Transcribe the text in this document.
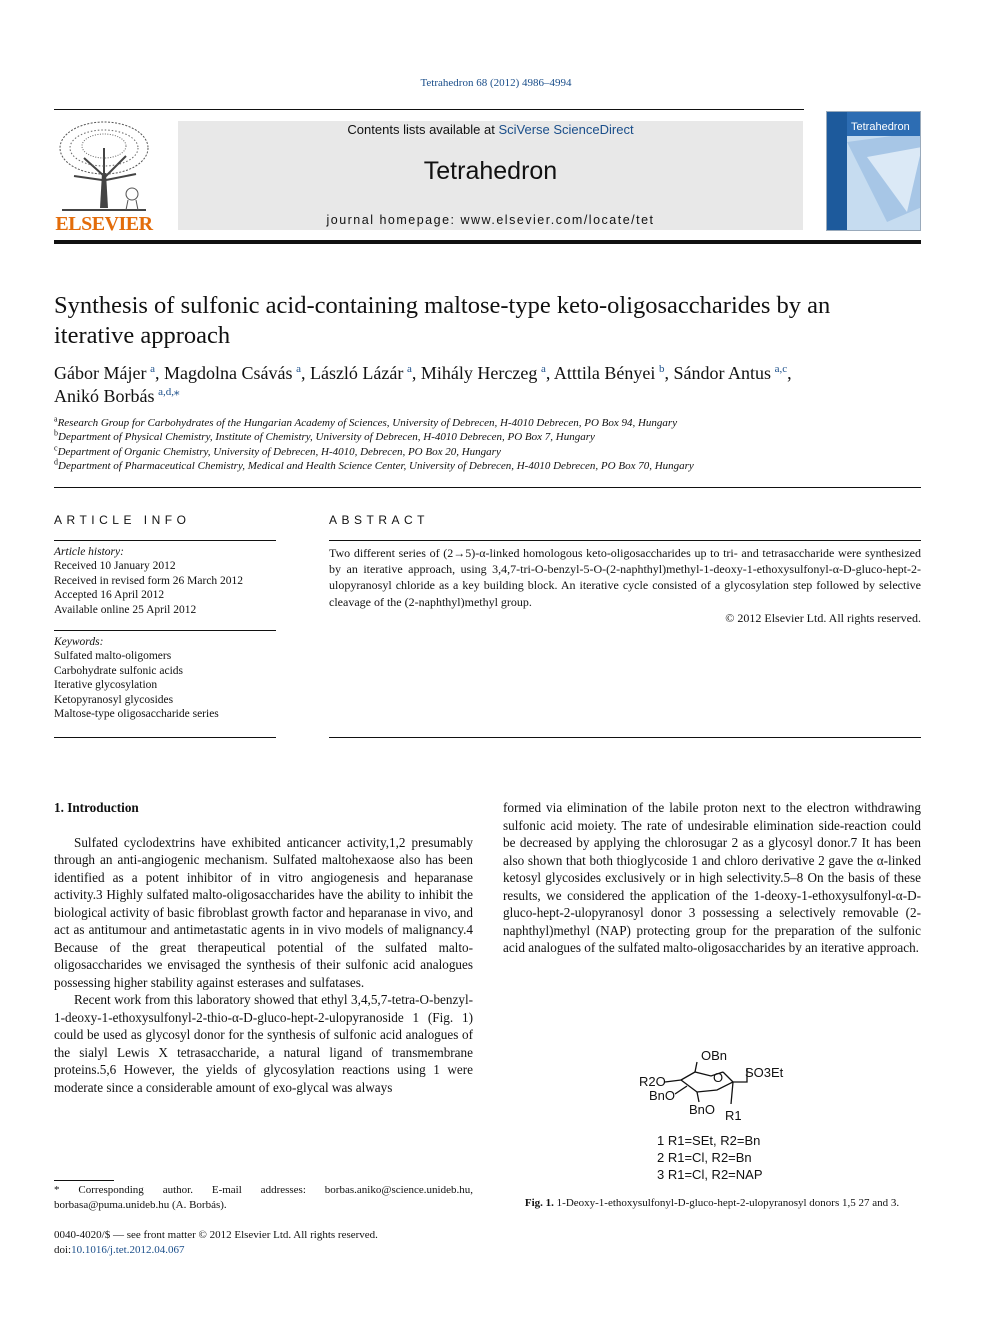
Tetrahedron 68 (2012) 4986–4994
ELSEVIER
Contents lists available at SciVerse ScienceDirect
Tetrahedron
journal homepage: www.elsevier.com/locate/tet
Tetrahedron
Synthesis of sulfonic acid-containing maltose-type keto-oligosaccharides by an iterative approach
Gábor Májer  $^a$, Magdolna Csávás  $^a$, László Lázár  $^a$, Mihály Herczeg  $^a$, Atttila Bényei  $^b$, Sándor Antus  $^{a,c}$,
Anikó Borbás  $^{a,d,⁎}$
$^a$Research Group for Carbohydrates of the Hungarian Academy of Sciences, University of Debrecen, H-4010 Debrecen, PO Box 94, Hungary
$^b$Department of Physical Chemistry, Institute of Chemistry, University of Debrecen, H-4010 Debrecen, PO Box 7, Hungary
$^c$Department of Organic Chemistry, University of Debrecen, H-4010, Debrecen, PO Box 20, Hungary
$^d$Department of Pharmaceutical Chemistry, Medical and Health Science Center, University of Debrecen, H-4010 Debrecen, PO Box 70, Hungary
ARTICLE INFO
Article history:
Received 10 January 2012
Received in revised form 26 March 2012
Accepted 16 April 2012
Available online 25 April 2012
Keywords:
Sulfated malto-oligomers
Carbohydrate sulfonic acids
Iterative glycosylation
Ketopyranosyl glycosides
Maltose-type oligosaccharide series
ABSTRACT

Two different series of (2→5)-α-linked homologous keto-oligosaccharides up to tri- and tetrasaccharide were synthesized by an iterative approach, using 3,4,7-tri-O-benzyl-5-O-(2-naphthyl)methyl-1-deoxy-1-ethoxysulfonyl-α-D-gluco-hept-2-ulopyranosyl chloride as a key building block. An iterative cycle consisted of a glycosylation step followed by selective cleavage of the (2-naphthyl)methyl group.

© 2012 Elsevier Ltd. All rights reserved.

1. Introduction

Sulfated cyclodextrins have exhibited anticancer activity,1,2 presumably through an anti-angiogenic mechanism. Sulfated maltohexaose also has been identified as a potent inhibitor of in vitro angiogenesis and heparanase activity.3 Highly sulfated malto-oligosaccharides have the ability to inhibit the biological activity of basic fibroblast growth factor and heparanase in vivo, and act as antitumour and antimetastatic agents in in vivo models of malignancy.4 Because of the great therapeutical potential of the sulfated malto-oligosaccharides we envisaged the synthesis of their sulfonic acid analogues possessing higher stability against esterases and sulfatases.

Recent work from this laboratory showed that ethyl 3,4,5,7-tetra-O-benzyl-1-deoxy-1-ethoxysulfonyl-2-thio-α-D-gluco-hept-2-ulopyranoside 1 (Fig. 1) could be used as glycosyl donor for the synthesis of sulfonic acid analogues of the sialyl Lewis X tetrasaccharide, a natural ligand of transmembrane proteins.5,6 However, the yields of glycosylation reactions using 1 were moderate since a considerable amount of exo-glycal was always

formed via elimination of the labile proton next to the electron withdrawing sulfonic acid moiety. The rate of undesirable elimination side-reaction could be decreased by applying the chlorosugar 2 as a glycosyl donor.7 It has been also shown that both thioglycoside 1 and chloro derivative 2 gave the α-linked ketosyl glycosides exclusively or in high selectivity.5–8 On the basis of these results, we considered the application of the 1-deoxy-1-ethoxysulfonyl-α-D-gluco-hept-2-ulopyranosyl donor 3 possessing a selectively removable (2-naphthyl)methyl (NAP) protecting group for the preparation of the sulfonic acid analogues of the sulfated malto-oligosaccharides by an iterative approach.

OBn
O SO3Et
R2O
BnO
BnO R1
1 R1=SEt, R2=Bn
2 R1=Cl, R2=Bn
3 R1=Cl, R2=NAP
Fig. 1. 1-Deoxy-1-ethoxysulfonyl-D-gluco-hept-2-ulopyranosyl donors 1,5 27 and 3.
* Corresponding author. E-mail addresses: borbas.aniko@science.unideb.hu, borbasa@puma.unideb.hu (A. Borbás).
0040-4020/$ — see front matter © 2012 Elsevier Ltd. All rights reserved.
doi:10.1016/j.tet.2012.04.067
